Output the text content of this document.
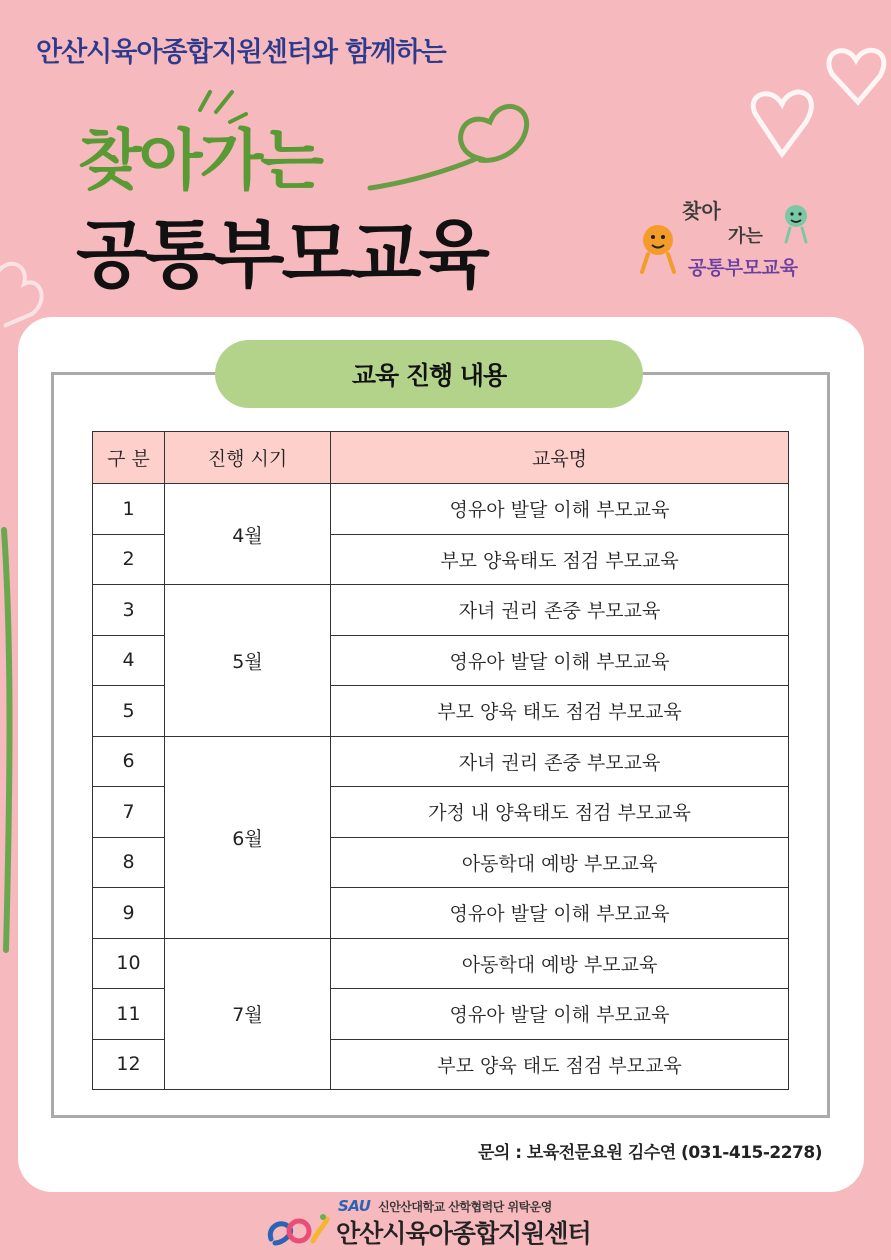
안산시육아종합지원센터와 함께하는
찾아가는
공통부모교육
찾아
가는
공통부모교육
교육 진행 내용
구 분	진행 시기	교육명
1	4월	영유아 발달 이해 부모교육
2		부모 양육태도 점검 부모교육
3	5월	자녀 권리 존중 부모교육
4		영유아 발달 이해 부모교육
5		부모 양육 태도 점검 부모교육
6	6월	자녀 권리 존중 부모교육
7		가정 내 양육태도 점검 부모교육
8		아동학대 예방 부모교육
9		영유아 발달 이해 부모교육
10	7월	아동학대 예방 부모교육
11		영유아 발달 이해 부모교육
12		부모 양육 태도 점검 부모교육
문의 : 보육전문요원 김수연 (031-415-2278)
SAU 신안산대학교 산학협력단 위탁운영
안산시육아종합지원센터
